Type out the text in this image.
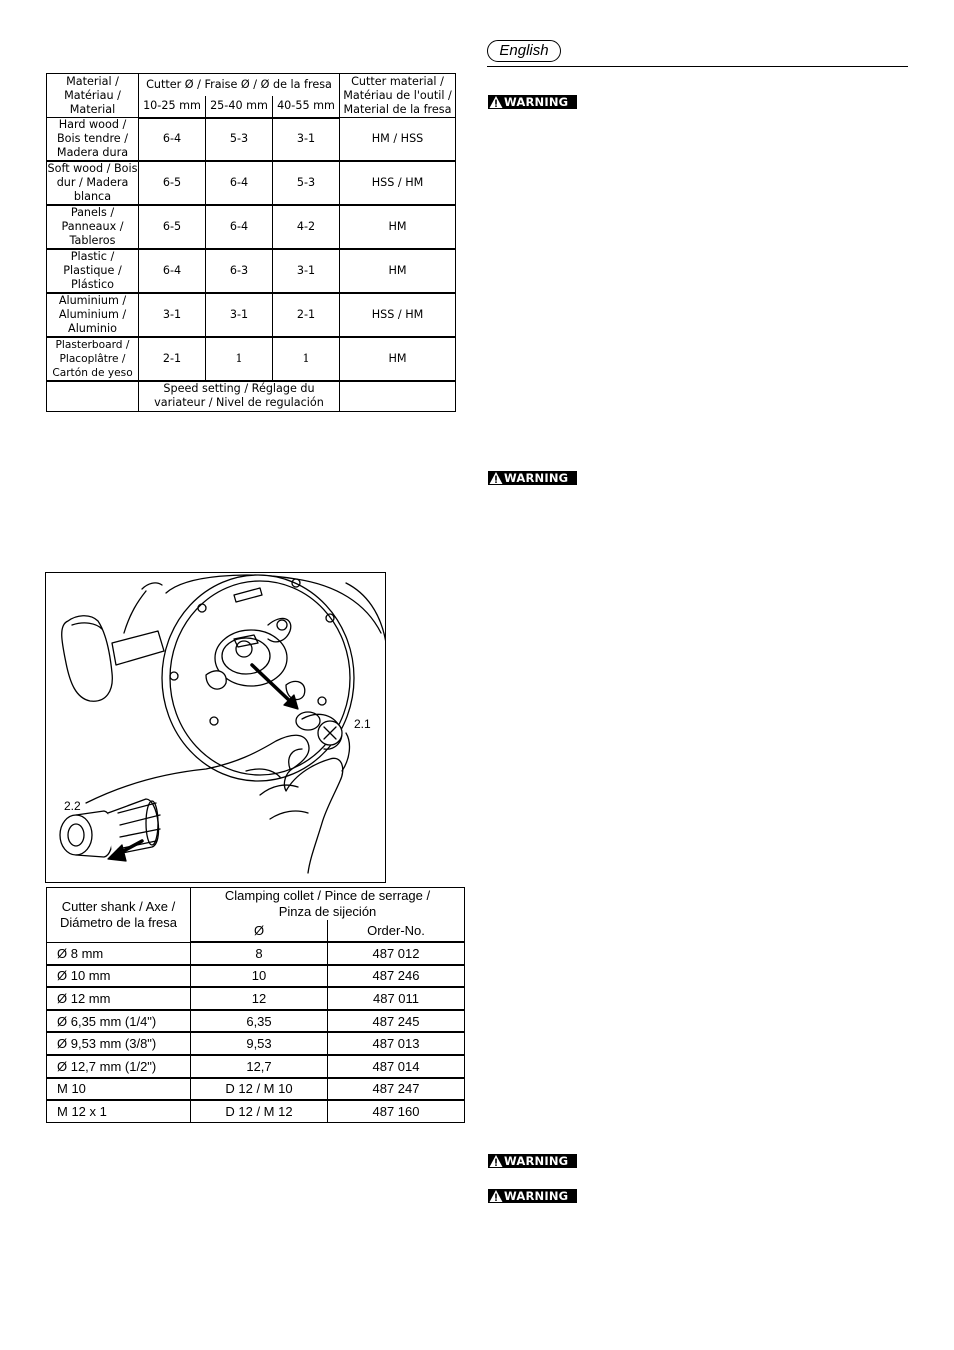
English
Material / Matériau / Material	Cutter Ø / Fraise Ø / Ø de la fresa			Cutter material / Matériau de l'outil / Material de la fresa
	10-25 mm	25-40 mm	40-55 mm	
Hard wood / Bois tendre / Madera dura	6-4	5-3	3-1	HM / HSS
Soft wood / Bois dur / Madera blanca	6-5	6-4	5-3	HSS / HM
Panels / Panneaux / Tableros	6-5	6-4	4-2	HM
Plastic / Plastique / Plástico	6-4	6-3	3-1	HM
Aluminium / Aluminium / Aluminio	3-1	3-1	2-1	HSS / HM
Plasterboard / Placoplâtre / Cartón de yeso	2-1	1	1	HM
	Speed setting / Réglage du variateur / Nivel de regulación			
WARNING
WARNING
WARNING
WARNING
2.1
2.2
Cutter shank / Axe / Diámetro de la fresa	Clamping collet / Pince de serrage / Pinza de sijeción	
	Ø	Order-No.
Ø 8 mm	8	487 012
Ø 10 mm	10	487 246
Ø 12 mm	12	487 011
Ø 6,35 mm (1/4")	6,35	487 245
Ø 9,53 mm (3/8")	9,53	487 013
Ø 12,7 mm (1/2")	12,7	487 014
M 10	D 12 / M 10	487 247
M 12 x 1	D 12 / M 12	487 160
